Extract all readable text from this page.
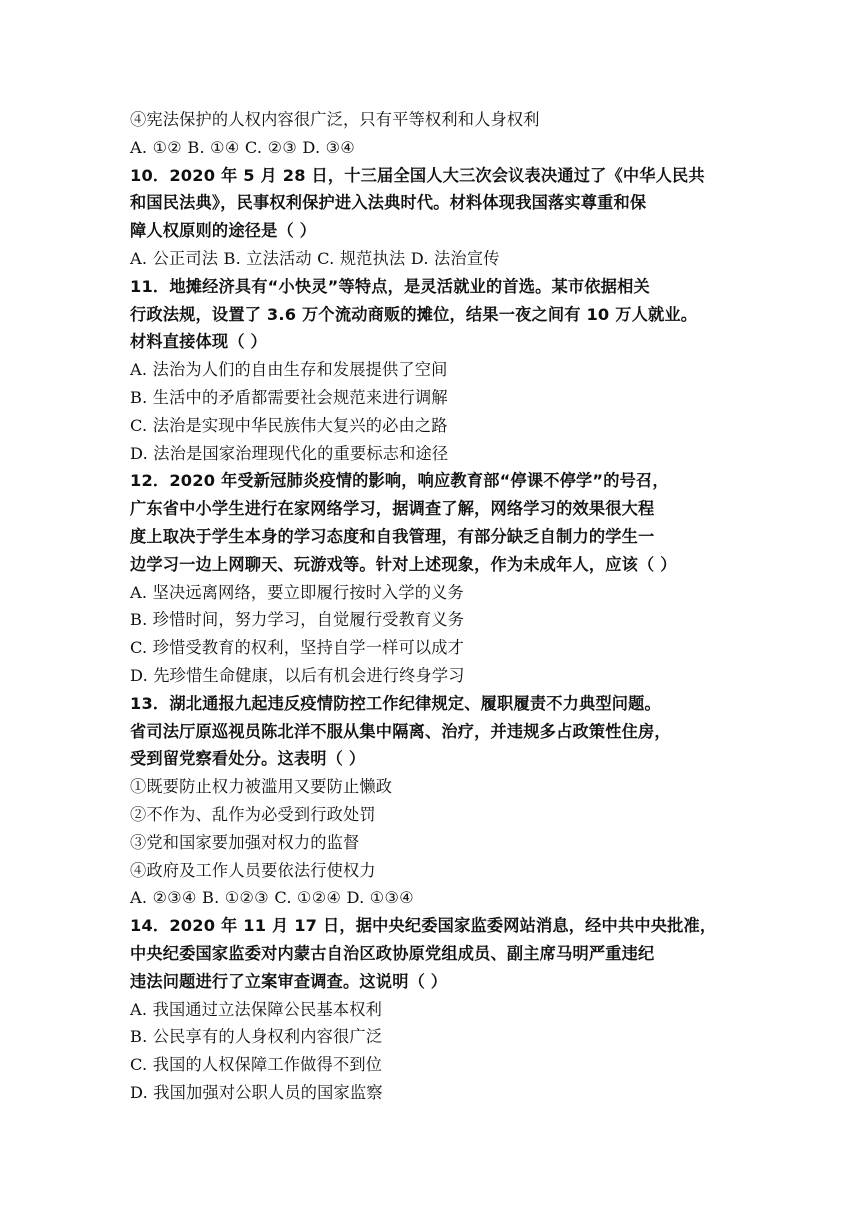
④宪法保护的人权内容很广泛，只有平等权利和人身权利
A. ①② B. ①④ C. ②③ D. ③④
10．2020 年 5 月 28 日，十三届全国人大三次会议表决通过了《中华人民共
和国民法典》，民事权利保护进入法典时代。材料体现我国落实尊重和保
障人权原则的途径是（ ）
A. 公正司法 B. 立法活动 C. 规范执法 D. 法治宣传
11．地摊经济具有“小快灵”等特点，是灵活就业的首选。某市依据相关
行政法规，设置了 3.6 万个流动商贩的摊位，结果一夜之间有 10 万人就业。
材料直接体现（ ）
A. 法治为人们的自由生存和发展提供了空间
B. 生活中的矛盾都需要社会规范来进行调解
C. 法治是实现中华民族伟大复兴的必由之路
D. 法治是国家治理现代化的重要标志和途径
12．2020 年受新冠肺炎疫情的影响，响应教育部“停课不停学”的号召，
广东省中小学生进行在家网络学习，据调查了解，网络学习的效果很大程
度上取决于学生本身的学习态度和自我管理，有部分缺乏自制力的学生一
边学习一边上网聊天、玩游戏等。针对上述现象，作为未成年人，应该（ ）
A. 坚决远离网络，要立即履行按时入学的义务
B. 珍惜时间，努力学习，自觉履行受教育义务
C. 珍惜受教育的权利，坚持自学一样可以成才
D. 先珍惜生命健康，以后有机会进行终身学习
13．湖北通报九起违反疫情防控工作纪律规定、履职履责不力典型问题。
省司法厅原巡视员陈北洋不服从集中隔离、治疗，并违规多占政策性住房，
受到留党察看处分。这表明（ ）
①既要防止权力被滥用又要防止懒政
②不作为、乱作为必受到行政处罚
③党和国家要加强对权力的监督
④政府及工作人员要依法行使权力
A. ②③④ B. ①②③ C. ①②④ D. ①③④
14．2020 年 11 月 17 日，据中央纪委国家监委网站消息，经中共中央批准，
中央纪委国家监委对内蒙古自治区政协原党组成员、副主席马明严重违纪
违法问题进行了立案审查调查。这说明（ ）
A. 我国通过立法保障公民基本权利
B. 公民享有的人身权利内容很广泛
C. 我国的人权保障工作做得不到位
D. 我国加强对公职人员的国家监察
